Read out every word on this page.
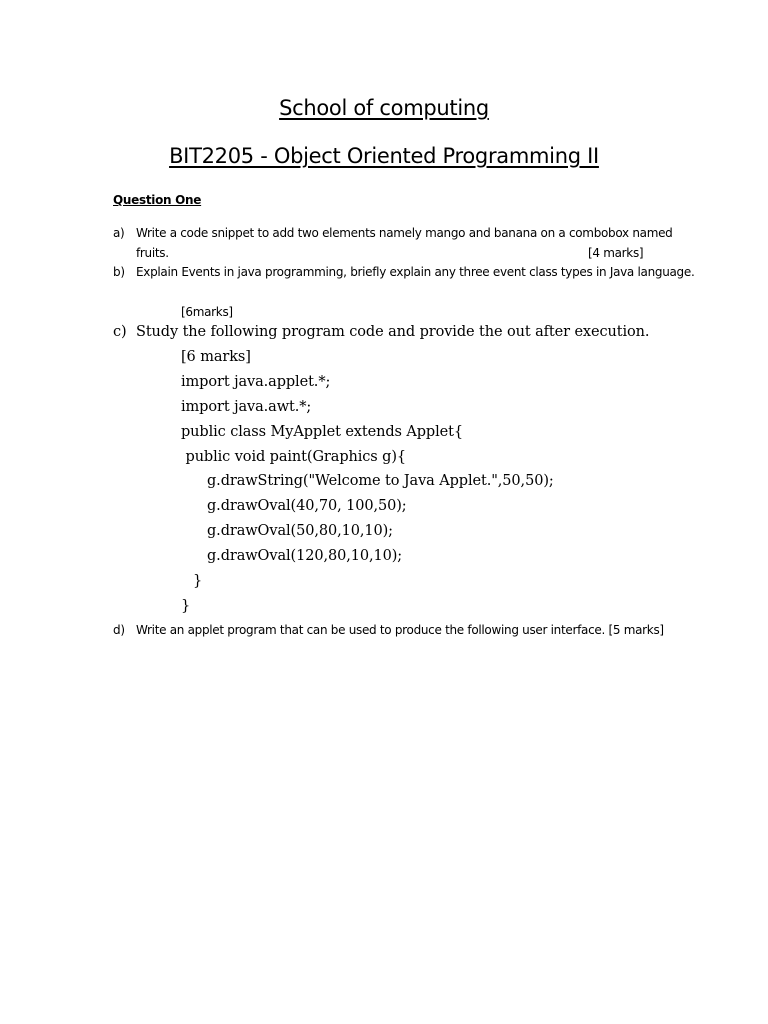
School of computing
BIT2205 - Object Oriented Programming II
Question One
a) Write a code snippet to add two elements namely mango and banana on a combobox named
fruits.	[4 marks]
b) Explain Events in java programming, briefly explain any three event class types in Java language.
[6marks]
c) Study the following program code and provide the out after execution.
[6 marks]
import java.applet.*;
import java.awt.*;
public class MyApplet extends Applet{
public void paint(Graphics g){
g.drawString("Welcome to Java Applet.",50,50);
g.drawOval(40,70, 100,50);
g.drawOval(50,80,10,10);
g.drawOval(120,80,10,10);
}
}
d) Write an applet program that can be used to produce the following user interface. [5 marks]
